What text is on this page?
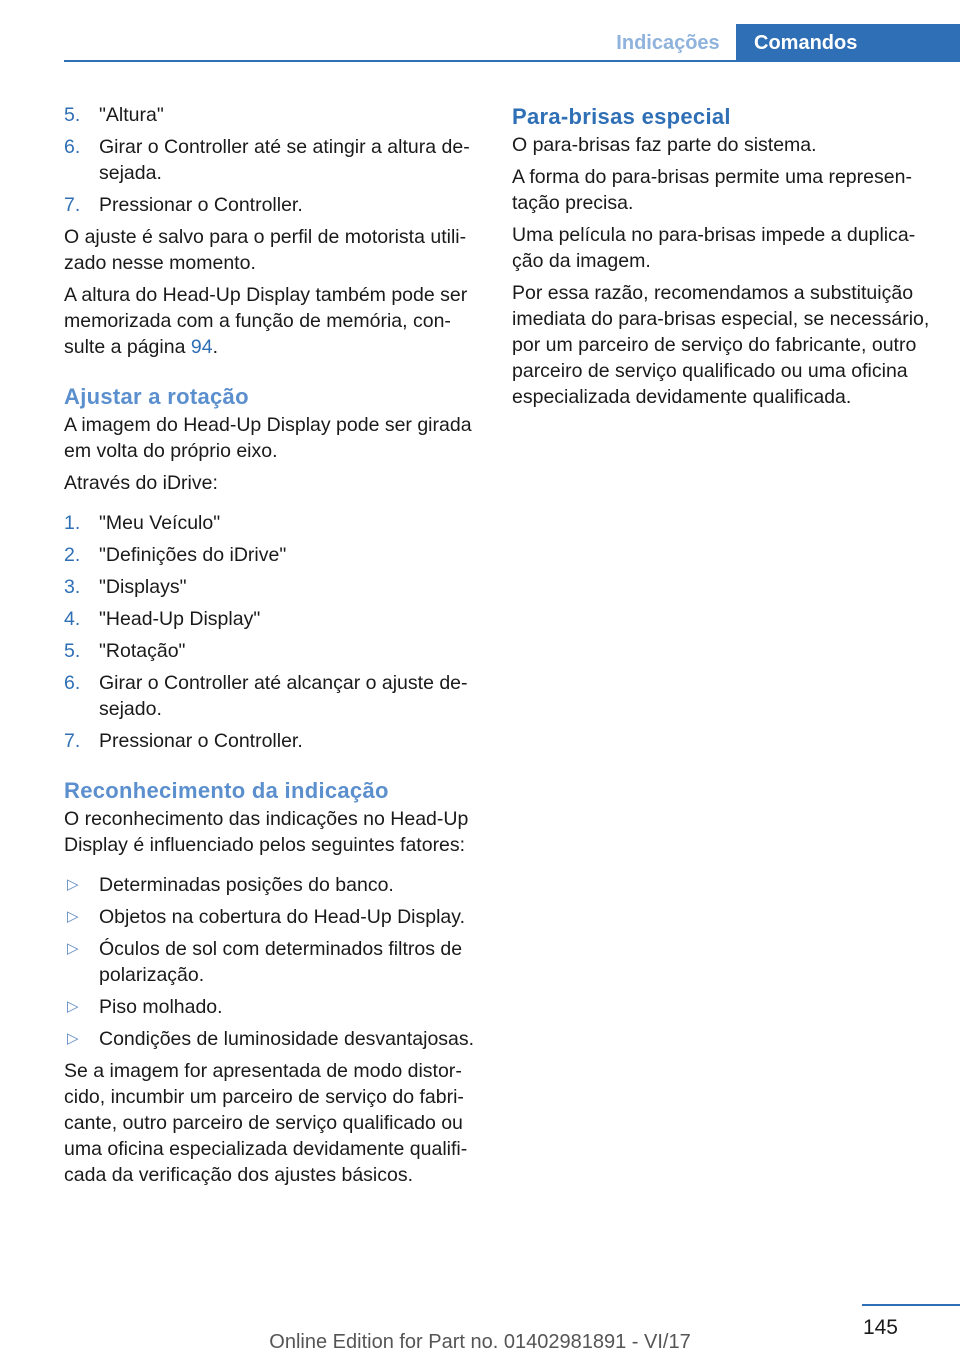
Indicações	Comandos
5. "Altura"
6. Girar o Controller até se atingir a altura desejada.
7. Pressionar o Controller.

O ajuste é salvo para o perfil de motorista utilizado nesse momento.

A altura do Head-Up Display também pode ser memorizada com a função de memória, consulte a página 94.

Ajustar a rotação

A imagem do Head-Up Display pode ser girada em volta do próprio eixo.

Através do iDrive:

1. "Meu Veículo"
2. "Definições do iDrive"
3. "Displays"
4. "Head-Up Display"
5. "Rotação"
6. Girar o Controller até alcançar o ajuste desejado.
7. Pressionar o Controller.
Reconhecimento da indicação

O reconhecimento das indicações no Head-Up Display é influenciado pelos seguintes fatores:

▷ Determinadas posições do banco.
▷ Objetos na cobertura do Head-Up Display.
▷ Óculos de sol com determinados filtros de polarização.
▷ Piso molhado.
▷ Condições de luminosidade desvantajosas.

Se a imagem for apresentada de modo distorcido, incumbir um parceiro de serviço do fabricante, outro parceiro de serviço qualificado ou uma oficina especializada devidamente qualificada da verificação dos ajustes básicos.

Para-brisas especial

O para-brisas faz parte do sistema.

A forma do para-brisas permite uma representação precisa.

Uma película no para-brisas impede a duplicação da imagem.

Por essa razão, recomendamos a substituição imediata do para-brisas especial, se necessário, por um parceiro de serviço do fabricante, outro parceiro de serviço qualificado ou uma oficina especializada devidamente qualificada.

145
Online Edition for Part no. 01402981891 - VI/17
